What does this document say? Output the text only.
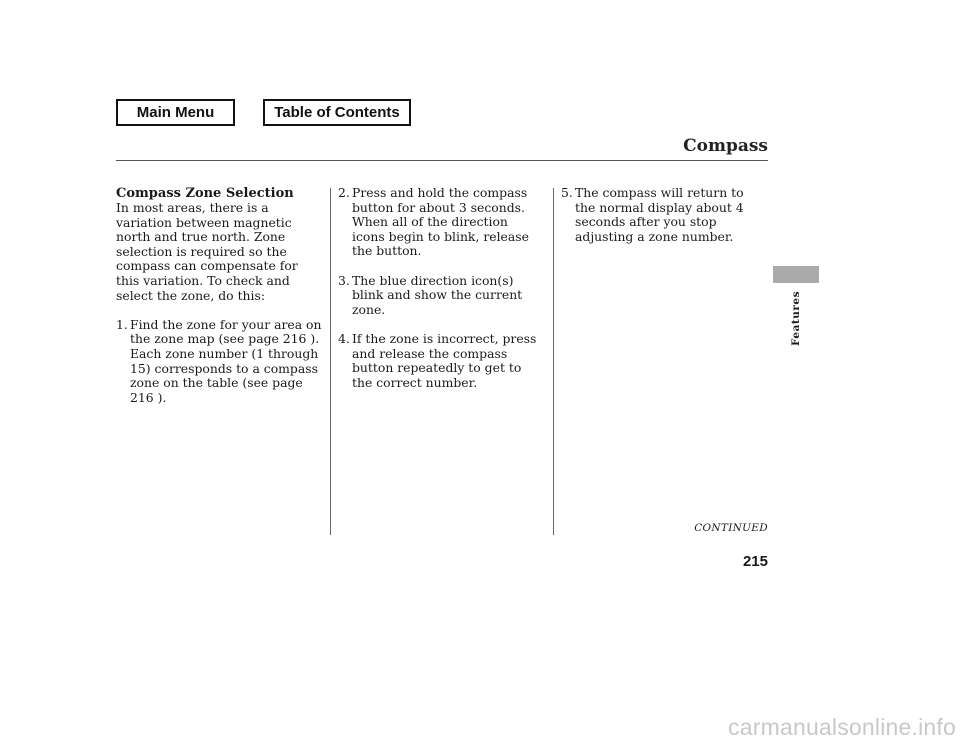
Main Menu	Table of Contents
Compass
Compass Zone Selection

In most areas, there is a variation between magnetic north and true north. Zone selection is required so the compass can compensate for this variation. To check and select the zone, do this:

1. Find the zone for your area on the zone map (see page 216 ). Each zone number (1 through 15) corresponds to a compass zone on the table (see page 216 ).
2. Press and hold the compass button for about 3 seconds. When all of the direction icons begin to blink, release the button.
3. The blue direction icon(s) blink and show the current zone.
4. If the zone is incorrect, press and release the compass button repeatedly to get to the correct number.
5. The compass will return to the normal display about 4 seconds after you stop adjusting a zone number.
CONTINUED
215
Features
carmanualsonline.info
